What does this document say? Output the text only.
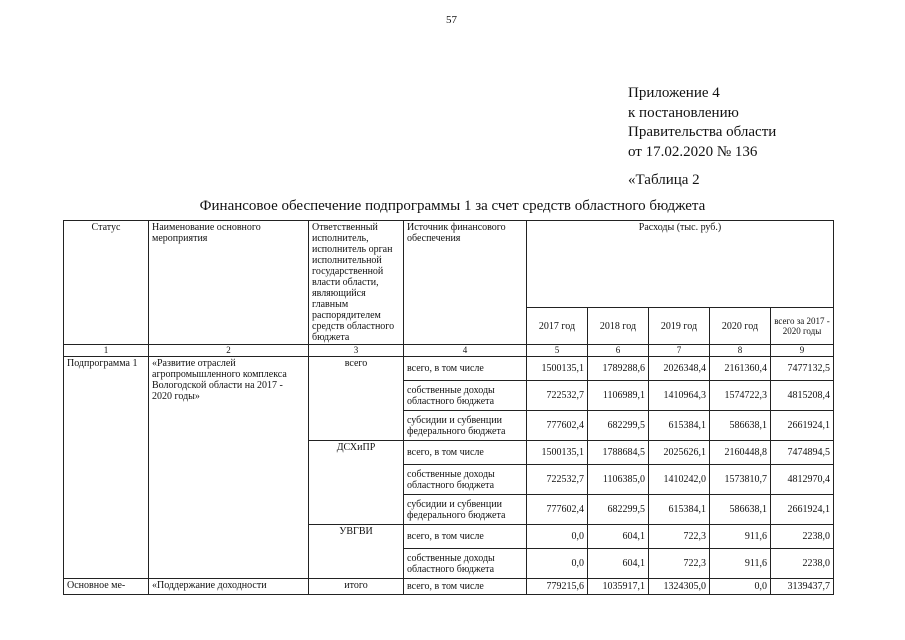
57
Приложение 4
к постановлению
Правительства области
от 17.02.2020 № 136
«Таблица 2
Финансовое обеспечение подпрограммы 1 за счет средств областного бюджета
Статус	Наименование основного мероприятия	Ответственный исполнитель, исполнитель орган исполнительной государственной власти области, являющийся главным распорядителем средств областного бюджета	Источник финансового обеспечения	Расходы (тыс. руб.)				
				2017 год	2018 год	2019 год	2020 год	всего за 2017 - 2020 годы
1	2	3	4	5	6	7	8	9
Подпрограмма 1	«Развитие отраслей агропромышленного комплекса Вологодской области на 2017 - 2020 годы»	всего	всего, в том числе	1500135,1	1789288,6	2026348,4	2161360,4	7477132,5
			собственные доходы областного бюджета	722532,7	1106989,1	1410964,3	1574722,3	4815208,4
			субсидии и субвенции федерального бюджета	777602,4	682299,5	615384,1	586638,1	2661924,1
		ДСХиПР	всего, в том числе	1500135,1	1788684,5	2025626,1	2160448,8	7474894,5
			собственные доходы областного бюджета	722532,7	1106385,0	1410242,0	1573810,7	4812970,4
			субсидии и субвенции федерального бюджета	777602,4	682299,5	615384,1	586638,1	2661924,1
		УВГВИ	всего, в том числе	0,0	604,1	722,3	911,6	2238,0
			собственные доходы областного бюджета	0,0	604,1	722,3	911,6	2238,0
Основное ме-	«Поддержание доходности	итого	всего, в том числе	779215,6	1035917,1	1324305,0	0,0	3139437,7
